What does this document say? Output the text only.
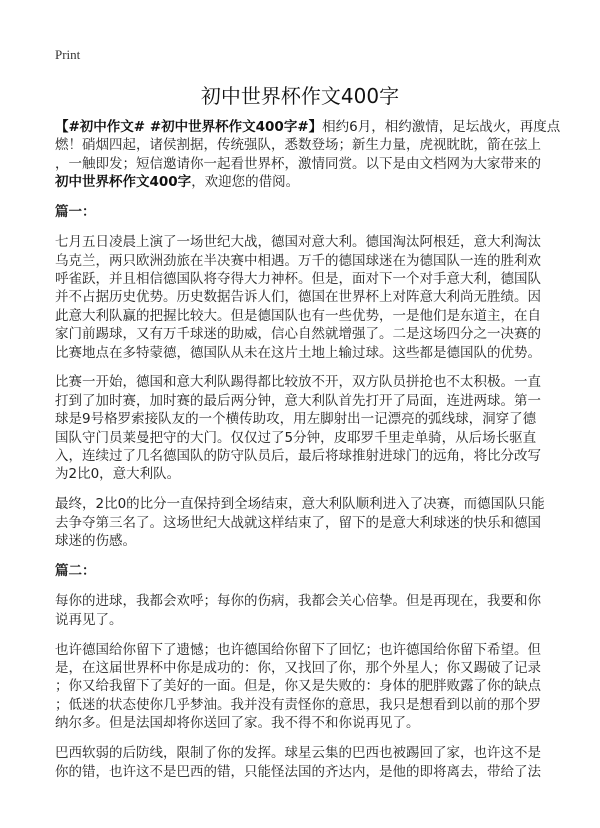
Print
初中世界杯作文400字
【#初中作文# #初中世界杯作文400字#】相约6月，相约激情，足坛战火，再度点
燃！硝烟四起，诸侯割据，传统强队，悉数登场；新生力量，虎视眈眈，箭在弦上
，一触即发；短信邀请你一起看世界杯，激情同赏。以下是由文档网为大家带来的
初中世界杯作文400字，欢迎您的借阅。
篇一：
七月五日凌晨上演了一场世纪大战，德国对意大利。德国淘汰阿根廷，意大利淘汰
乌克兰，两只欧洲劲旅在半决赛中相遇。万千的德国球迷在为德国队一连的胜利欢
呼雀跃，并且相信德国队将夺得大力神杯。但是，面对下一个对手意大利，德国队
并不占据历史优势。历史数据告诉人们，德国在世界杯上对阵意大利尚无胜绩。因
此意大利队赢的把握比较大。但是德国队也有一些优势，一是他们是东道主，在自
家门前踢球，又有万千球迷的助威，信心自然就增强了。二是这场四分之一决赛的
比赛地点在多特蒙德，德国队从未在这片土地上输过球。这些都是德国队的优势。
比赛一开始，德国和意大利队踢得都比较放不开，双方队员拼抢也不太积极。一直
打到了加时赛，加时赛的最后两分钟，意大利队首先打开了局面，连进两球。第一
球是9号格罗索接队友的一个横传助攻，用左脚射出一记漂亮的弧线球，洞穿了德
国队守门员莱曼把守的大门。仅仅过了5分钟，皮耶罗千里走单骑，从后场长驱直
入，连续过了几名德国队的防守队员后，最后将球推射进球门的远角，将比分改写
为2比0，意大利队。
最终，2比0的比分一直保持到全场结束，意大利队顺利进入了决赛，而德国队只能
去争夺第三名了。这场世纪大战就这样结束了，留下的是意大利球迷的快乐和德国
球迷的伤感。
篇二：
每你的进球，我都会欢呼；每你的伤病，我都会关心倍挚。但是再现在，我要和你
说再见了。
也许德国给你留下了遗憾；也许德国给你留下了回忆；也许德国给你留下希望。但
是，在这届世界杯中你是成功的：你，又找回了你，那个外星人；你又踢破了记录
；你又给我留下了美好的一面。但是，你又是失败的：身体的肥胖败露了你的缺点
；低迷的状态使你几乎梦油。我并没有责怪你的意思，我只是想看到以前的那个罗
纳尔多。但是法国却将你送回了家。我不得不和你说再见了。
巴西软弱的后防线，限制了你的发挥。球星云集的巴西也被踢回了家，也许这不是
你的错，也许这不是巴西的错，只能怪法国的齐达内，是他的即将离去，带给了法
